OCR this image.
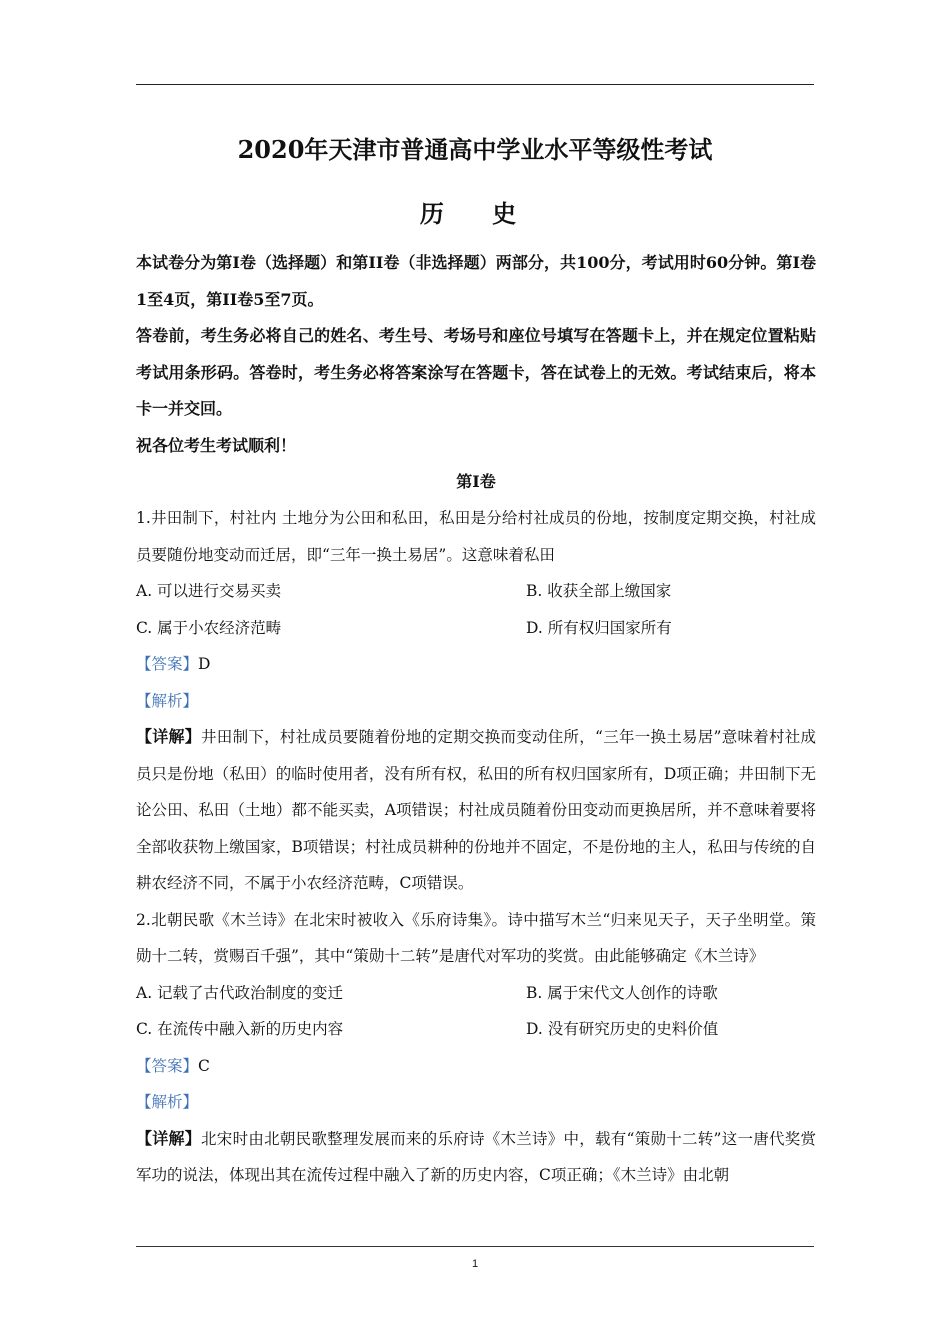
2020年天津市普通高中学业水平等级性考试
历 史

本试卷分为第I卷（选择题）和第II卷（非选择题）两部分，共100分，考试用时60分钟。第I卷1至4页，第II卷5至7页。

答卷前，考生务必将自己的姓名、考生号、考场号和座位号填写在答题卡上，并在规定位置粘贴考试用条形码。答卷时，考生务必将答案涂写在答题卡，答在试卷上的无效。考试结束后，将本卡一并交回。

祝各位考生考试顺利！

第I卷

1.井田制下，村社内 土地分为公田和私田，私田是分给村社成员的份地，按制度定期交换，村社成员要随份地变动而迁居，即“三年一换土易居”。这意味着私田

A. 可以进行交易买卖	B. 收获全部上缴国家

C. 属于小农经济范畴	D. 所有权归国家所有

【答案】D

【解析】

【详解】井田制下，村社成员要随着份地的定期交换而变动住所，“三年一换土易居”意味着村社成员只是份地（私田）的临时使用者，没有所有权，私田的所有权归国家所有，D项正确；井田制下无论公田、私田（土地）都不能买卖，A项错误；村社成员随着份田变动而更换居所，并不意味着要将全部收获物上缴国家，B项错误；村社成员耕种的份地并不固定，不是份地的主人，私田与传统的自耕农经济不同，不属于小农经济范畴，C项错误。

2.北朝民歌《木兰诗》在北宋时被收入《乐府诗集》。诗中描写木兰“归来见天子，天子坐明堂。策勋十二转，赏赐百千强”，其中“策勋十二转”是唐代对军功的奖赏。由此能够确定《木兰诗》

A. 记载了古代政治制度的变迁	B. 属于宋代文人创作的诗歌

C. 在流传中融入新的历史内容	D. 没有研究历史的史料价值

【答案】C

【解析】

【详解】北宋时由北朝民歌整理发展而来的乐府诗《木兰诗》中，载有“策勋十二转”这一唐代奖赏军功的说法，体现出其在流传过程中融入了新的历史内容，C项正确；《木兰诗》由北朝

1
